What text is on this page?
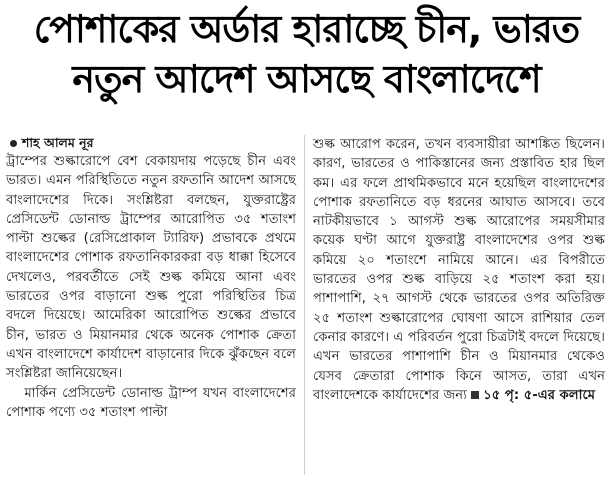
পোশাকের অর্ডার হারাচ্ছে চীন, ভারত
নতুন আদেশ আসছে বাংলাদেশে
শাহ আলম নূর

ট্রাম্পের শুল্কারোপে বেশ বেকায়দায় পড়েছে চীন এবং ভারত। এমন পরিস্থিতিতে নতুন রফতানি আদেশ আসছে বাংলাদেশের দিকে। সংশ্লিষ্টরা বলছেন, যুক্তরাষ্ট্রের প্রেসিডেন্ট ডোনাল্ড ট্রাম্পের আরোপিত ৩৫ শতাংশ পাল্টা শুল্কের (রেসিপ্রোকাল ট্যারিফ) প্রভাবকে প্রথমে বাংলাদেশের পোশাক রফতানিকারকরা বড় ধাক্কা হিসেবে দেখলেও, পরবর্তীতে সেই শুল্ক কমিয়ে আনা এবং ভারতের ওপর বাড়ানো শুল্ক পুরো পরিস্থিতির চিত্র বদলে দিয়েছে। আমেরিকা আরোপিত শুল্কের প্রভাবে চীন, ভারত ও মিয়ানমার থেকে অনেক পোশাক ক্রেতা এখন বাংলাদেশে কার্যাদেশ বাড়ানোর দিকে ঝুঁকছেন বলে সংশ্লিষ্টরা জানিয়েছেন।

মার্কিন প্রেসিডেন্ট ডোনাল্ড ট্রাম্প যখন বাংলাদেশের পোশাক পণ্যে ৩৫ শতাংশ পাল্টা

শুল্ক আরোপ করেন, তখন ব্যবসায়ীরা আশঙ্কিত ছিলেন। কারণ, ভারতের ও পাকিস্তানের জন্য প্রস্তাবিত হার ছিল কম। এর ফলে প্রাথমিকভাবে মনে হয়েছিল বাংলাদেশের পোশাক রফতানিতে বড় ধরনের আঘাত আসবে। তবে নাটকীয়ভাবে ১ আগস্ট শুল্ক আরোপের সময়সীমার কয়েক ঘণ্টা আগে যুক্তরাষ্ট্র বাংলাদেশের ওপর শুল্ক কমিয়ে ২০ শতাংশে নামিয়ে আনে। এর বিপরীতে ভারতের ওপর শুল্ক বাড়িয়ে ২৫ শতাংশ করা হয়। পাশাপাশি, ২৭ আগস্ট থেকে ভারতের ওপর অতিরিক্ত ২৫ শতাংশ শুল্কারোপের ঘোষণা আসে রাশিয়ার তেল কেনার কারণে। এ পরিবর্তন পুরো চিত্রটাই বদলে দিয়েছে। এখন ভারতের পাশাপাশি চীন ও মিয়ানমার থেকেও যেসব ক্রেতারা পোশাক কিনে আসত, তারা এখন বাংলাদেশকে কার্যাদেশের জন্য ১৫ পৃ: ৫-এর কলামে
